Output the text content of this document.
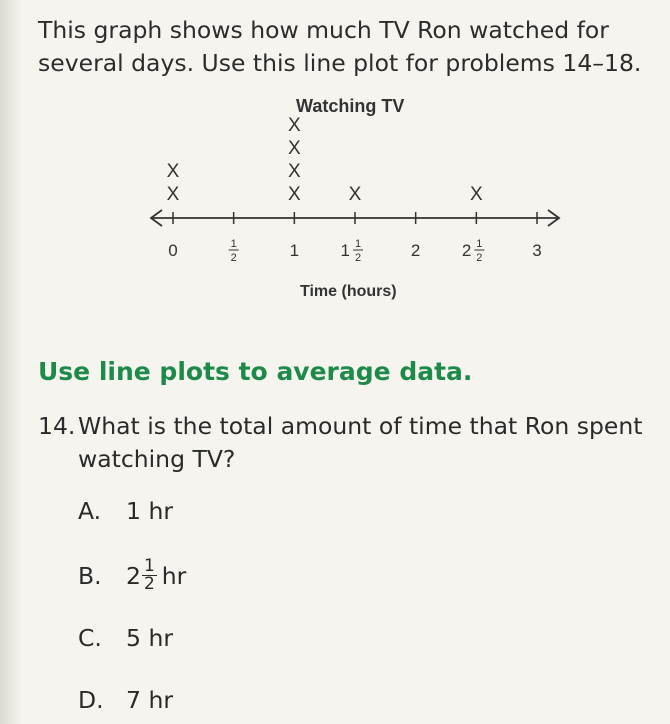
This graph shows how much TV Ron watched for
several days. Use this line plot for problems 14–18.
Watching TV
0	1
2	1 1 1
2	2 2 1
2	3
X
X
X
X
X
X
X	X
Time (hours)
Use line plots to average data.
14. What is the total amount of time that Ron spent watching TV?
A.	1
hr
B.	$2 \frac{1}{2}$ hr
C.	5
hr
D. 7
hr
